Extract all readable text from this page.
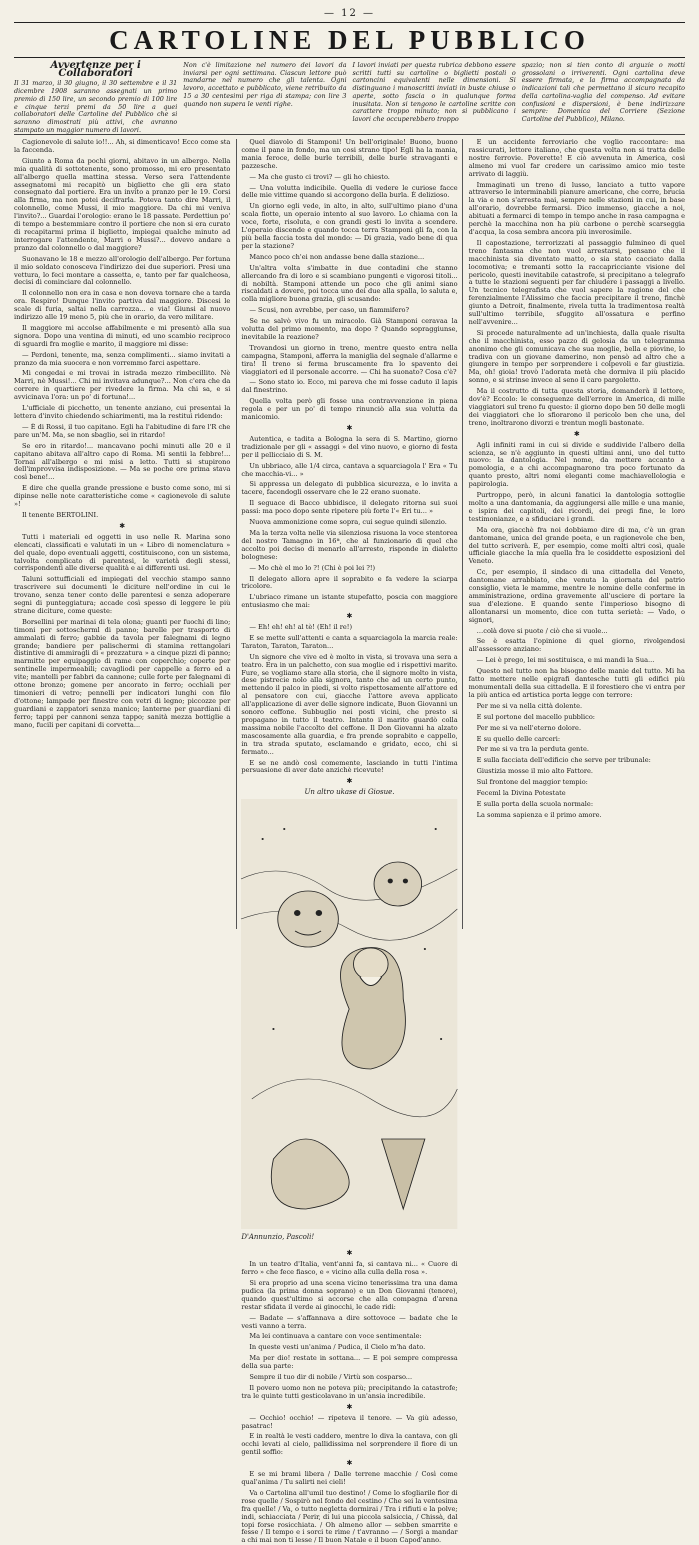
— 12 —
CARTOLINE DEL PUBBLICO
Avvertenze per i Collaboratori
Il 31 marzo, il 30 giugno, il 30 settembre e il 31 dicembre 1908 saranno assegnati un primo premio di 150 lire, un secondo premio di 100 lire e cinque terzi premi da 50 lire a quei collaboratori delle Cartoline del Pubblico che si saranno dimostrati più attivi, che avranno stampato un maggior numero di lavori.
Non c'è limitazione nel numero dei lavori da inviarsi per ogni settimana. Ciascun lettore può mandarne nel numero che gli talenta. Ogni lavoro, accettato e pubblicato, viene retribuito da 15 a 30 centesimi per riga di stampa; con lire 3 quando non supera le venti righe.
I lavori inviati per questa rubrica debbono essere scritti tutti su cartoline o biglietti postali o cartoncini equivalenti nelle dimensioni. Si distinguano i manoscritti inviati in buste chiuse o aperte, sotto fascia o in qualunque forma inusitata. Non si tengono le cartoline scritte con carattere troppo minuto; non si pubblicano i lavori che occuperebbero troppo
spazio; non si tien conto di arguzie o motti grossolani o irriverenti. Ogni cartolina deve essere firmata, e la firma accompagnata da indicazioni tali che permettano il sicuro recapito della cartolina-vaglia del compenso. Ad evitare confusioni e dispersioni, è bene indirizzare sempre: Domenica del Corriere (Sezione Cartoline del Pubblico), Milano.

Cagionevole di salute io!!... Ah, si dimenticavo! Ecco come sta la faccenda.

Giunto a Roma da pochi giorni, abitavo in un albergo. Nella mia qualità di sottotenente, sono promosso, mi ero presentato all'albergo quella mattina stessa. Verso sera l'attendente assegnatomi mi recapitò un biglietto che gli era stato consegnato dal portiere. Era un invito a pranzo per le 19. Corsi alla firma, ma non potei decifrarla. Poteva tanto dire Marri, il colonnello, come Mussi, il mio maggiore. Da chi mi veniva l'invito?... Guardai l'orologio: erano le 18 passate. Perdettiun po' di tempo a bestemmiare contro il portiere che non si era curato di recapitarmi prima il biglietto, impiegai qualche minuto ad interrogare l'attendente, Marri o Mussi?... dovevo andare a pranzo dal colonnello o dal maggiore?

Suonavano le 18 e mezzo all'orologio dell'albergo. Per fortuna il mio soldato conosceva l'indirizzo dei due superiori. Presi una vettura, lo feci montare a cassetta, e, tanto per far qualcheosa, decisi di cominciare dal colonnello.

Il colonnello non era in casa e non doveva tornare che a tarda ora. Respiro! Dunque l'invito partiva dal maggiore. Discesi le scale di furia, saltai nella carrozza... e via! Giunsi al nuovo indirizzo alle 19 meno 5, più che in orario, da vero militare.

Il maggiore mi accolse affabilmente e mi presentò alla sua signora. Dopo una ventina di minuti, ed uno scambio reciproco di sguardi fra moglie e marito, il maggiore mi disse:

— Perdoni, tenente, ma, senza complimenti... siamo invitati a pranzo da mia suocera e non vorremmo farci aspettare.

Mi congedai e mi trovai in istrada mezzo rimbecillito. Nè Marri, nè Mussi!... Chi mi invitava adunque?... Non c'era che da correre in quartiere per rivedere la firma. Ma chi sa, e si avvicinava l'ora: un po' di fortuna!...

L'ufficiale di picchetto, un tenente anziano, cui presentai la lettera d'invito chiedendo schiarimenti, ma la restituì ridendo:

— È di Rossi, il tuo capitano. Egli ha l'abitudine di fare l'R che pare un'M. Ma, se non sbaglio, sei in ritardo!

Se ero in ritardo!... mancavano pochi minuti alle 20 e il capitano abitava all'altro capo di Roma. Mi sentii la febbre!... Tornai all'albergo e mi misi a letto. Tutti si stupirono dell'improvvisa indisposizione. — Ma se poche ore prima stava così bene!...

E dire che quella grande pressione e busto come sono, mi si dipinse nelle note caratteristiche come « cagionevole di salute »!

Il tenente BERTOLINI.

✱

Tutti i materiali ed oggetti in uso nelle R. Marina sono elencati, classificati e valutati in un « Libro di nomenclatura » del quale, dopo eventuali aggetti, costituiscono, con un sistema, talvolta complicato di parentesi, le varietà degli stessi, corrispondenti alle diverse qualità e ai differenti usi.

Taluni sottufficiali ed impiegati del vecchio stampo sanno trascrivere sui documenti le diciture nell'ordine in cui le trovano, senza tener conto delle parentesi e senza adoperare segni di punteggiatura; accade così spesso di leggere le più strane diciture, come queste:

Borsellini per marinai di tela olona; guanti per fuochi di lino; timoni per sottoscherml di panno; barelle per trasporto di ammalati di ferro; gabbie da tavola per falegnami di legno grande; bandiere per palischermi di stamina rettangolari distintive di ammiragli di « prezzatura » a cinque pizzi di panno; marmitte per equipaggio di rame con coperchio; coperte per sentinelle impermeabili; cavagliodi per cappelle a ferro ed a vite; mantelli per fabbri da cannone; culle forte per falegnami di ottone bronzo; gomene per ancorato in ferro; occhiali per timonieri di vetro; pennelli per indicatori lunghi con filo d'ottone; lampade per finestre con vetri di legno; piccozze per guardiani e zappatori senza manico; lanterne per guardiani di ferro; tappi per cannoni senza tappo; sanità mezza bottiglie a mano, fucili per capitani di corvetta...

Quel diavolo di Stamponi! Un bell'originale! Buono, buono come il pane in fondo, ma un cosi strano tipo! Egli ha la mania, mania feroce, delle burle terribili, delle burle stravaganti e pazzesche.

— Ma che gusto ci trovi? — gli ho chiesto.

— Una volutta indicibile. Quella di vedere le curiose facce delle mie vittime quando si accorgono della burla. È delizioso.

Un giorno egli vede, in alto, in alto, sull'ultimo piano d'una scala fiotte, un operaio intento al suo lavoro. Lo chiama con la voce, forte, risoluta, e con grandi gesti lo invita a scendere. L'operaio discende e quando tocca terra Stamponi gli fa, con la più bella faccia tosta del mondo: — Di grazia, vado bene di qua per la stazione?

Manco poco ch'ei non andasse bene dalla stazione...

Un'altra volta s'imbatte in due contadini che stanno allercando fra di loro e si scambiano pungenti e vigorosi titoli... di nobiltà. Stamponi attende un poco che gli animi siano riscaldati a dovere, poi tocca uno dei due alla spalla, lo saluta e, colla migliore buona grazia, gli scusando:

— Scusi, non avrebbe, per caso, un fiammifero?

Se ne salvò vivo fu un miracolo. Già Stamponi ceravaa la volutta del primo momento, ma dopo ? Quando sopraggiunse, inevitabile la reazione?

Trovandosi un giorno in treno, mentre questo entra nella campagna, Stamponi, afferra la maniglia del segnale d'allarme e tira! Il treno si ferma bruscamente fra lo spavento dei viaggiatori ed il personale accorre. — Chi ha suonato? Cosa c'è?

— Sono stato io. Ecco, mi pareva che mi fosse caduto il lapis dal finestrino.

Quella volta però gli fosse una contravvenzione in piena regola e per un po' di tempo rinunciò alla sua volutta da manicomio.

✱

Autentica, e tadita a Bologna la sera di S. Martino, giorno tradizionale per gli « assaggi » del vino nuovo, e giorno di festa per il pellicciaio di S. M.

Un ubbriaco, alle 1/4 circa, cantava a squarciagola l' Era « Tu che macchia-vi... »

Si appressa un delegato di pubblica sicurezza, e lo invita a tacere, facendogli osservare che le 22 erano suonate.

Il seguace di Bacco ubbidisce, il delegato ritorna sui suoi passi: ma poco dopo sente ripetere più forte l'« Eri tu... »

Nuova ammonizione come sopra, cui segue quindi silenzio.

Ma la terza volta nelle via silenziosa risuona la voce stentorea del nostro Tamagno in 16ª, che al funzionario di quel che accolto poi deciso di menarlo all'arresto, risponde in dialetto bolognese:

— Mo chè el mo lo ?! (Chi è poi lei ?!)

Il delegato allora apre il soprabito e fa vedere la sciarpa tricolore.

L'ubriaco rimane un istante stupefatto, poscia con maggiore entusiasmo che mai:

✱

— Eh! eh! eh! al tè! (Eh! il re!)

E se mette sull'attenti e canta a squarciagola la marcia reale: Taraton, Taraton, Taraton...

Un signore che vive ed è molto in vista, si trovava una sera a teatro. Era in un palchetto, con sua moglie ed i rispettivi marito. Fure, se vogliamo stare alla storia, che il signore molto in vista, dese pistrecie nolo alla signora, tanto che ad un certo punto, mettendo il palco in piedi, si volto rispettosamente all'attore ed al pensatore con cui, giacche l'attore aveva applicato all'applicazione di aver delle signore indicate, Buon Giovanni un sonoro ceffone. Subbuglio nei posti vicini, che presto si propagano in tutto il teatro. Intanto il marito guardò colla massima nobile l'accolto del ceffone. Il Don Giovanni ha alzato mascosamente alla guardia, e fra prende soprabito e cappello, in tra strada sputato, esclamando e gridato, ecco, chi si fermato...

E se ne andò così comemente, lasciando in tutti l'intima persuasione di aver date anzichè ricevute!

✱
Un altro ukase di Giosue.
D'Annunzio, Pascoli!
✱

In un teatro d'Italia, vent'anni fa, si cantava ni... « Cuore di ferro » che fece fiasco, e « vicino alla culla della rosa ».

Si era proprio ad una scena vicino tenerissima tra una dama pudica (la prima donna soprano) e un Don Giovanni (tenore), quando quest'ultimo si accorse che alla compagna d'arena restar sfidata il verde ai ginocchi, le cade ridi:

— Badate — s'affannava a dire sottovoce — badate che le vesti vanno a terra.

Ma lei continuava a cantare con voce sentimentale:

In queste vesti un'anima / Pudica, il Cielo m'ha dato.

Ma per dio! restate in sottana... — E poi sempre compressa della sua parte:

Sempre il tuo dir di nobile / Virtù son cosparso...

Il povero uomo non ne poteva più; precipitando la catastrofe; tra le quinte tutti gesticolavano in un'ansia incredibile.

✱

— Occhio! occhio! — ripeteva il tenore. — Va giù adesso, pasatrac!

E in realtà le vesti caddero, mentre lo diva la cantava, con gli occhi levati al cielo, pallidissima nel sorprendere il fiore di un gentil soffio:

✱

E se mi brami libera / Dalle terrene macchie / Così come qual'anima / Tu salirti nei cieli!

Va o Cartolina all'umil tuo destino! / Come lo sfogliarile fior di rose quelle / Sospirò nel fondo del cestino / Che sei la ventesima fra quelle! / Va, o tutto negletta dormirai / Tra i rifiuti e la polve; indi, schiacciata / Perir, di lui una piccola salsiccia, / Chissà, dal topi forse rosicchiata. / Oh almeno allor — sebben smarrite e fesse / Il tempo e i sorci te rime / t'avranno — / Sorgi a mandar a chi mai non ti lesse / Il buon Natale e il buon Capod'anno.

E un accidente ferroviario che voglio raccontare: ma rassicurati, lettore italiano, che questa volta non si tratta delle nostre ferrovie. Poverette! E ciò avvenuta in America, così almeno mi vuol far credere un carissimo amico mio teste arrivato di laggiù.

Immaginati un treno di lusso, lanciato a tutto vapore attraverso le interminabili pianure americane, che corre, brucia la via e non s'arresta mai, sempre nelle stazioni in cui, in base all'orario, dovrebbe fermarsi. Dico immenso, giacche a noi, abituati a fermarci di tempo in tempo anche in rasa campagna e perchè la macchina non ha più carbone o perchè scarseggia d'acqua, la cosa sembra ancora più inverosimile.

Il capostazione, terrorizzati al passaggio fulmineo di quel treno fantasma che non vuol arrestarsi, pensano che il macchinista sia diventato matto, o sia stato cacciato dalla locomotiva; e tremanti sotto la raccapricciante visione del pericolo, questi inevitabile catastrofe, si precipitano a telegrafo a tutte le stazioni seguenti per far chiudere i passaggi a livello. Un tecnico telegrafista che vuol sapere la ragione del che ferenzialmente l'Alissimo che faccia precipitare il treno, finchè giunto a Detroit, finalmente, rivela tutta la tradimentosa realtà sull'ultimo terribile, sfuggito all'ossatura e perfino nell'avvenire...

Si procede naturalmente ad un'inchiesta, dalla quale risulta che il macchinista, esso pazzo di gelosia da un telegramma anonimo che gli comunicava che sua moglie, bella e piovine, lo tradiva con un giovane damerino, non pensò ad altro che a giungere in tempo per sorprendere i colpevoli e far giustizia. Ma, oh! gioia! trovò l'adorata metà che dormiva il più placido sonno, e si strinse invece al seno il caro pargoletto.

Ma il costrutto di tutta questa storia, domanderà il lettore, dov'è? Eccolo: le conseguenze dell'errore in America, di mille viaggiatori sul treno fu questo: il giorno dopo ben 50 delle mogli dei viaggiatori che lo sfiorarono il pericolo ben che una, del treno, inoltrarono divorzi e trentun mogli bastonate.

✱

Agli infiniti rami in cui si divide e suddivide l'albero della scienza, se n'è aggiunto in questi ultimi anni, uno del tutto nuovo: la dantologia. Nel nome, da mettere accanto a pomologia, e a chi accompagnarono tra poco fortunato da quanto presto, altri nomi eleganti come machiavellologia e papirologia.

Purtroppo, però, in alcuni fanatici la dantologia sottoglie molto a una dantomania, da aggiungersi alle mille e una manie, e ispira dei capitoli, dei ricordi, dei pregi fine, le loro testimonianze, e a sfiduciare i grandi.

Ma ora, giacchè fra noi dobbiamo dire di ma, c'è un gran dantomane, unica del grande poeta, e un ragionevole che ben, del tutto scriverà. E, per esempio, come molti altri così, quale ufficiale giacche la mia quella fra le cosiddette esposizioni del Veneto.

Cc, per esempio, il sindaco di una cittadella del Veneto, dantomane arrabbiato, che venuta la giornata del patrio consiglio, vieta le mamme, mentre le nomine delle conferme in amministrazione, ordina gravemente all'usciere di portare la sua d'elezione. E quando sente l'imperioso bisogno di allontanarsi un momento, dice con tutta serietà: — Vado, o signori,

…colà dove si puote / ciò che si vuole...

Se è esatta l'opinione di quel giorno, rivolgendosi all'assessore anziano:

— Lei è prego, lei mi sostituisca, e mi mandi la Sua...

Questo nel tutto non ha bisogno delle manie del tutto. Mi ha fatto mettere nelle epigrafi dantesche tutti gli edifici più monumentali della sua cittadella. E il forestiero che vi entra per la più antica ed artistica porta legge con terrore:

Per me si va nella città dolente.

E sul portone del macello pubblico:

Per me si va nell'eterno dolore.

E su quello delle carceri:

Per me si va tra la perduta gente.

E sulla facciata dell'edificio che serve per tribunale:

Giustizia mosse il mio alto Fattore.

Sul frontone del maggior tempio:

Feceml la Divina Potestate

E sulla porta della scuola normale:

La somma sapienza e il primo amore.
